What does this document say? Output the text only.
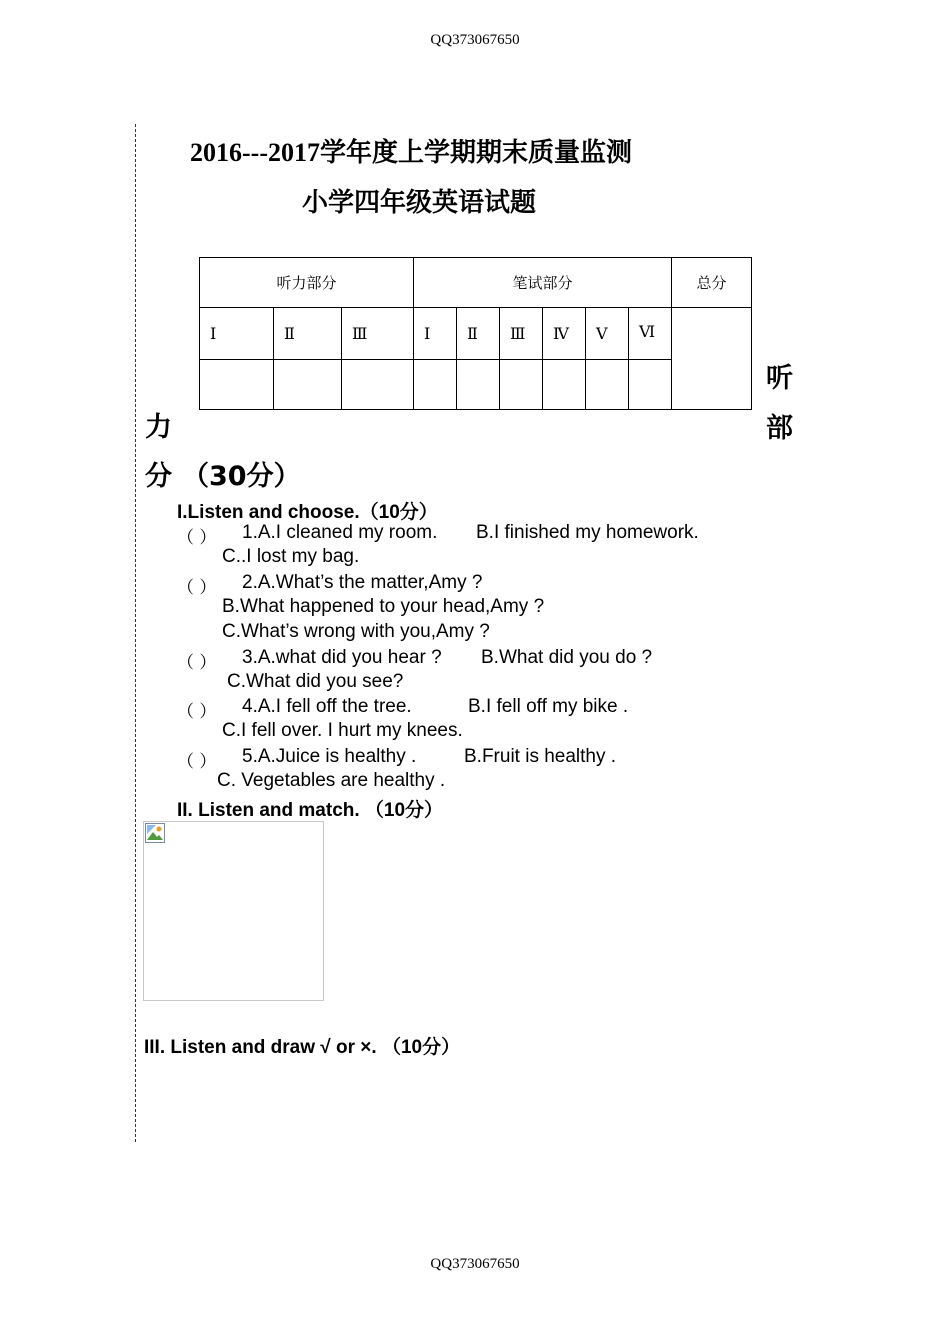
QQ373067650
2016---2017学年度上学期期末质量监测
小学四年级英语试题
听力部分			笔试部分						总分
Ⅰ	Ⅱ	Ⅲ	Ⅰ	Ⅱ	Ⅲ	Ⅳ	Ⅴ	Ⅵ	

听
力	部
分 （30分）
I.Listen and choose.（10分）
（ ） 1.A.I cleaned my room. B.I finished my homework.
C..I lost my bag.
（ ） 2.A.What’s the matter,Amy ?
B.What happened to your head,Amy ?
C.What’s wrong with you,Amy ?
（ ） 3.A.what did you hear ? B.What did you do ?
C.What did you see?
（ ） 4.A.I fell off the tree.	B.I fell off my bike .
C.I fell over. I hurt my knees.
（ ） 5.A.Juice is healthy .	B.Fruit is healthy .
C. Vegetables are healthy .
II. Listen and match. （10分）
III. Listen and draw √ or ×. （10分）
QQ373067650
